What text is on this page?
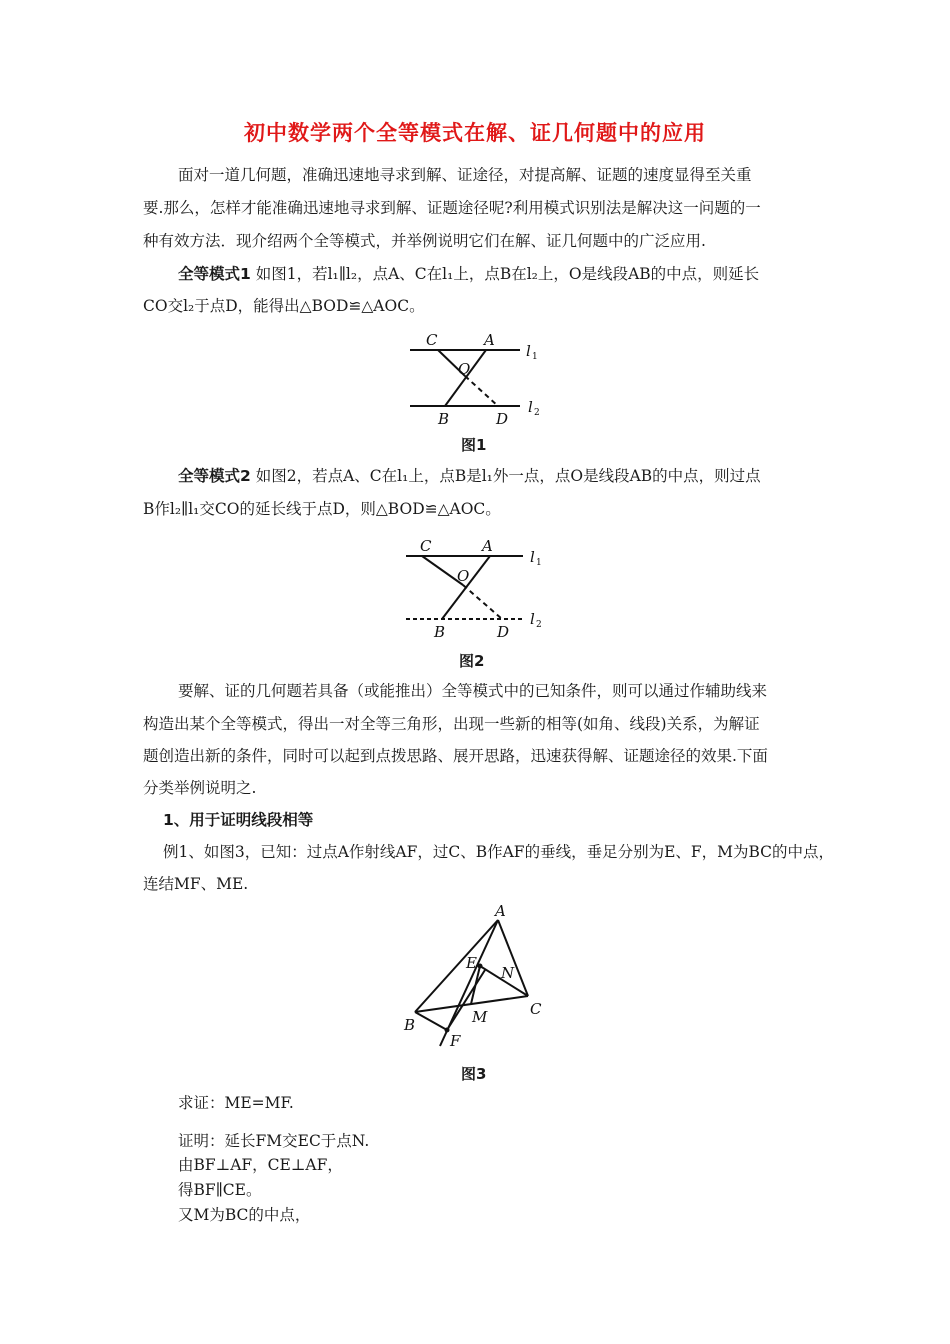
初中数学两个全等模式在解、证几何题中的应用
面对一道几何题，准确迅速地寻求到解、证途径，对提高解、证题的速度显得至关重
要.那么，怎样才能准确迅速地寻求到解、证题途径呢?利用模式识别法是解决这一问题的一
种有效方法．现介绍两个全等模式，并举例说明它们在解、证几何题中的广泛应用.
全等模式1 如图1，若l₁∥l₂，点A、C在l₁上，点B在l₂上，O是线段AB的中点，则延长
CO交l₂于点D，能得出△BOD≌△AOC。
C	A
O
B	D
l 1
l 2
图1
全等模式2 如图2，若点A、C在l₁上，点B是l₁外一点，点O是线段AB的中点，则过点
B作l₂∥l₁交CO的延长线于点D，则△BOD≌△AOC。
C	A
O
B	D
l 1
l 2
图2
要解、证的几何题若具备（或能推出）全等模式中的已知条件，则可以通过作辅助线来
构造出某个全等模式，得出一对全等三角形，出现一些新的相等(如角、线段)关系，为解证
题创造出新的条件，同时可以起到点拨思路、展开思路，迅速获得解、证题途径的效果.下面
分类举例说明之.
1、用于证明线段相等
例1、如图3，已知：过点A作射线AF，过C、B作AF的垂线，垂足分别为E、F，M为BC的中点，
连结MF、ME.
A
E
N
C
B	M
F
图3
求证：ME=MF.
证明：延长FM交EC于点N.
由BF⊥AF，CE⊥AF，
得BF∥CE。
又M为BC的中点，
